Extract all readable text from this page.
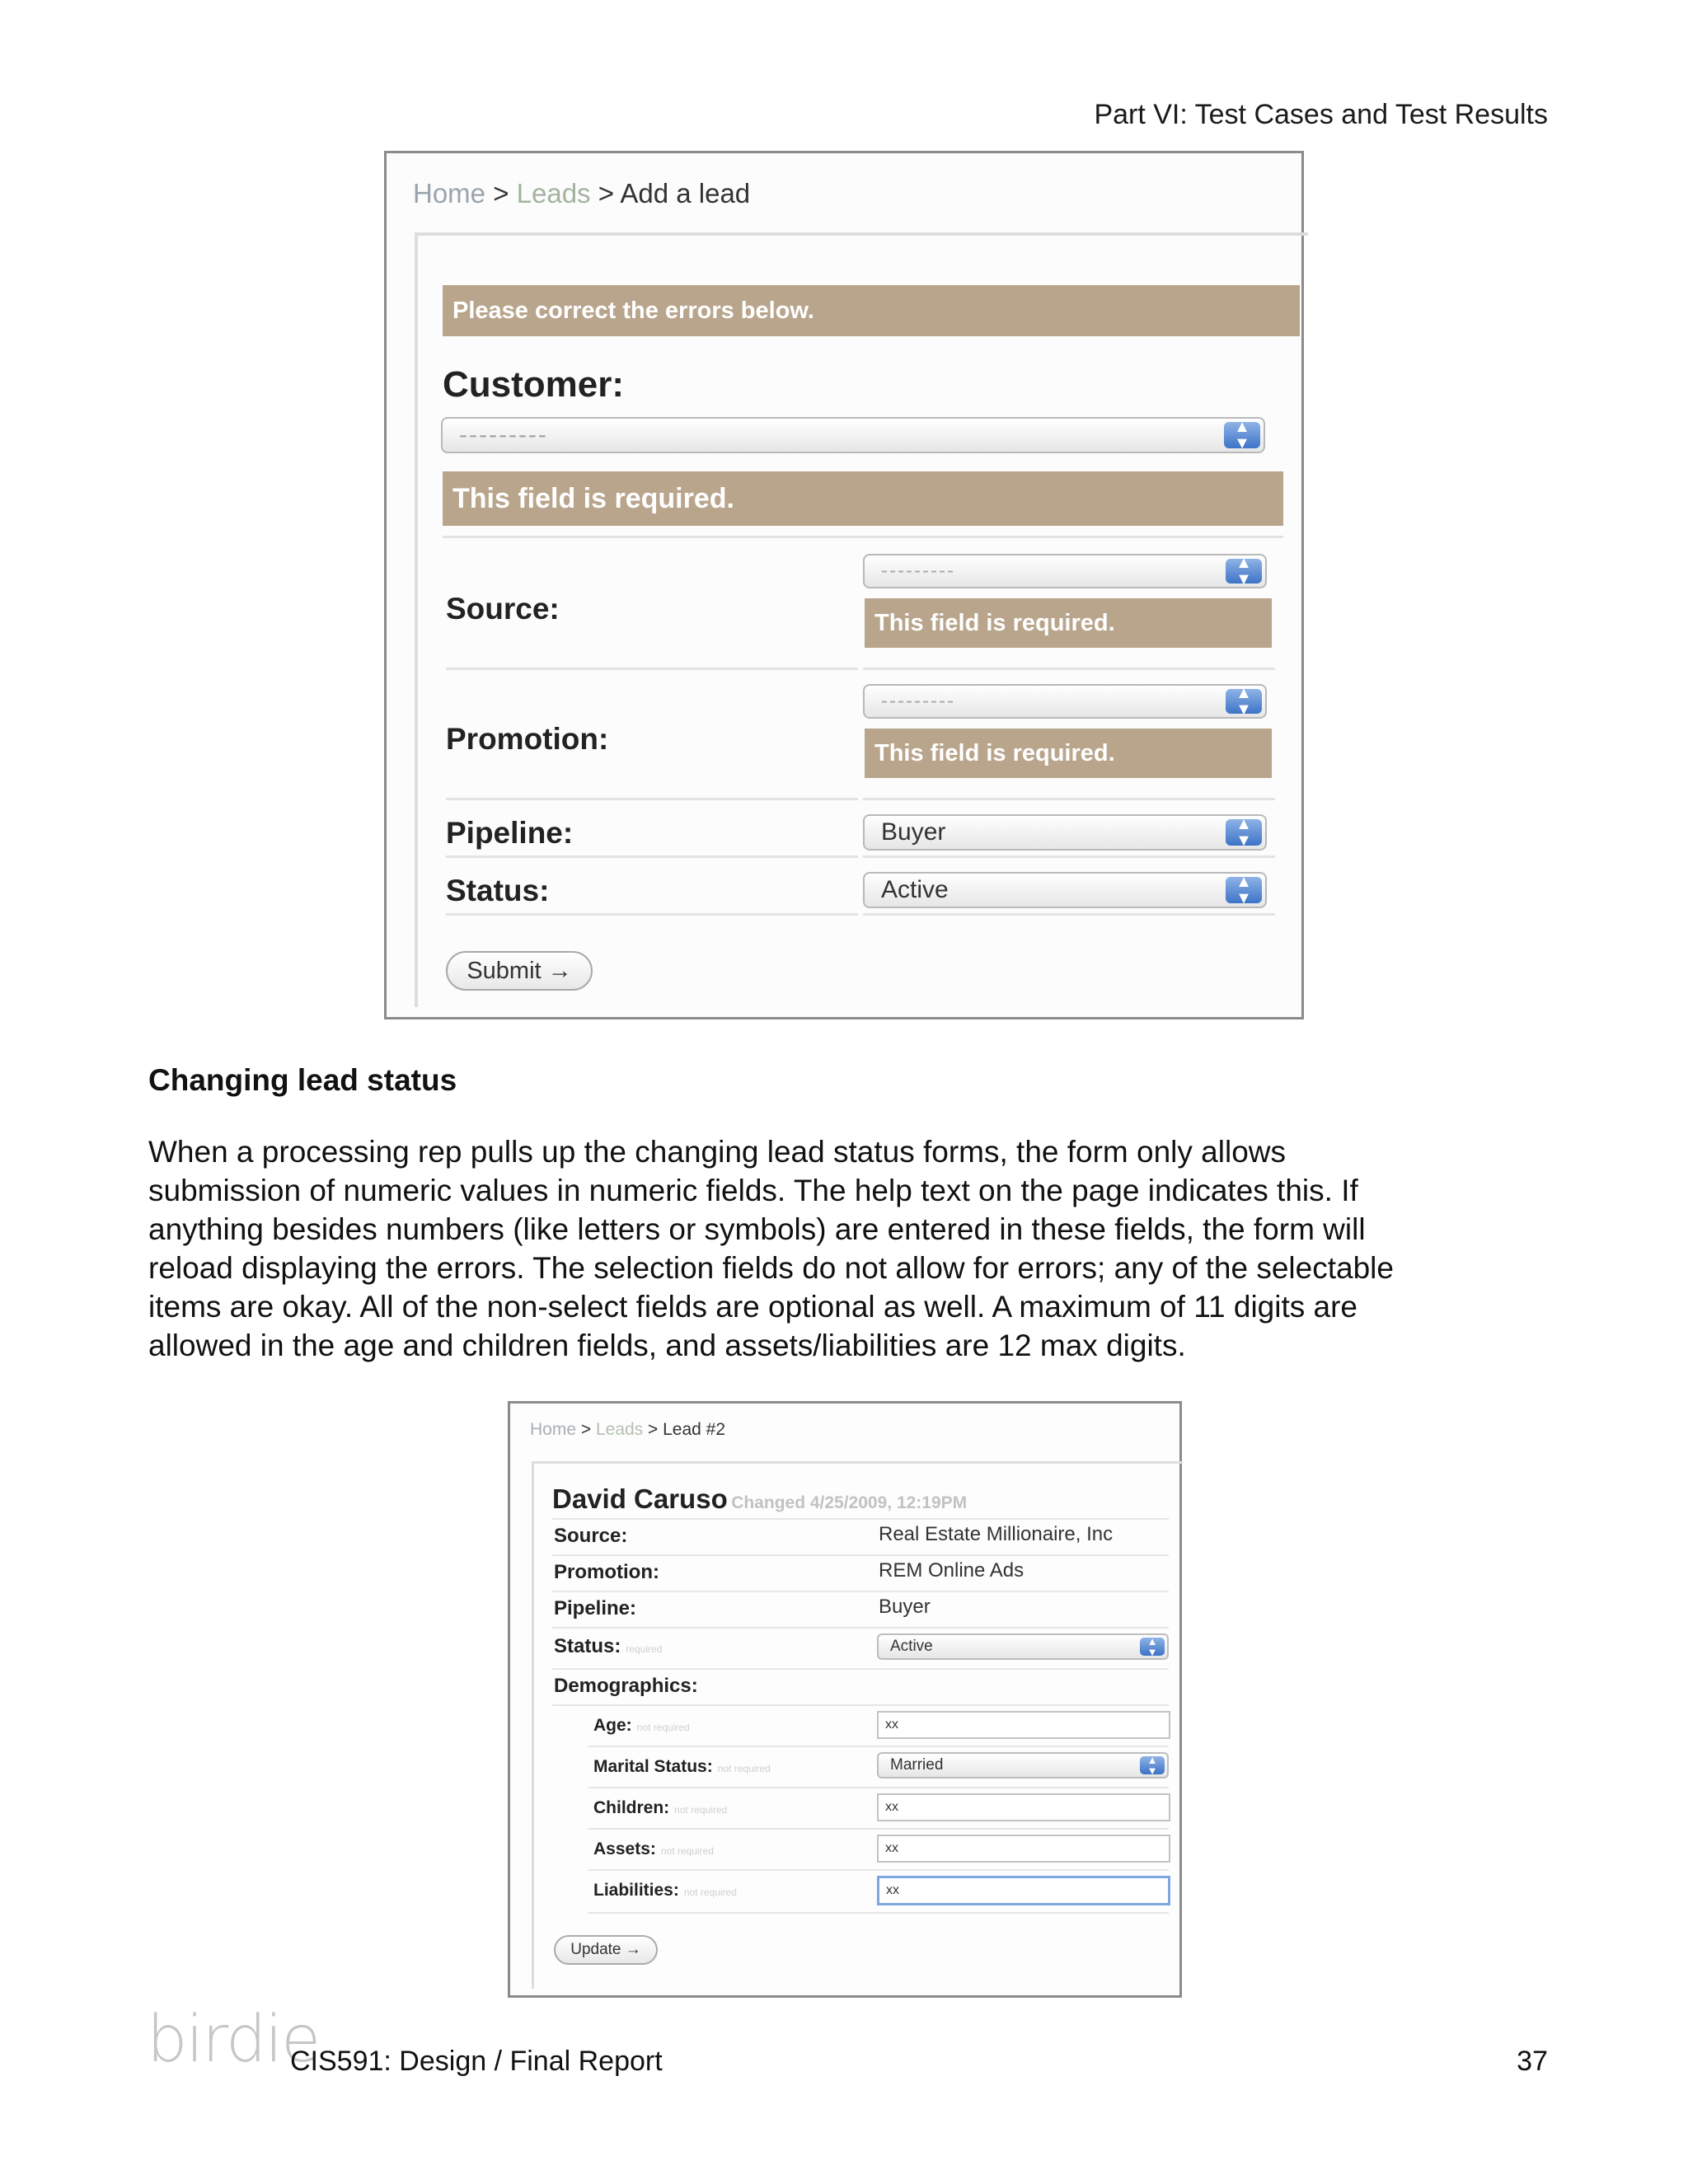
Part VI: Test Cases and Test Results
Home > Leads > Add a lead
Please correct the errors below.
Customer:
---------	▲
▼
This field is required.
Source:
---------	▲
▼
This field is required.
Promotion:
---------	▲
▼
This field is required.
Pipeline:	Buyer	▲
▼
Status:	Active	▲
▼
Submit →
Changing lead status
When a processing rep pulls up the changing lead status forms, the form only allows
submission of numeric values in numeric fields. The help text on the page indicates this. If
anything besides numbers (like letters or symbols) are entered in these fields, the form will
reload displaying the errors. The selection fields do not allow for errors; any of the selectable
items are okay. All of the non-select fields are optional as well. A maximum of 11 digits are
allowed in the age and children fields, and assets/liabilities are 12 max digits.
Home > Leads > Lead #2
David Caruso Changed 4/25/2009, 12:19PM
Source:	Real Estate Millionaire, Inc
Promotion:	REM Online Ads
Pipeline:	Buyer
Status: required	Active	▲
▼
Demographics:
Age: not required	xx
Marital Status: not required	Married	▲
▼
Children: not required	xx
Assets: not required	xx
Liabilities: not required	xx
Update →
birdie
CIS591: Design / Final Report	37
